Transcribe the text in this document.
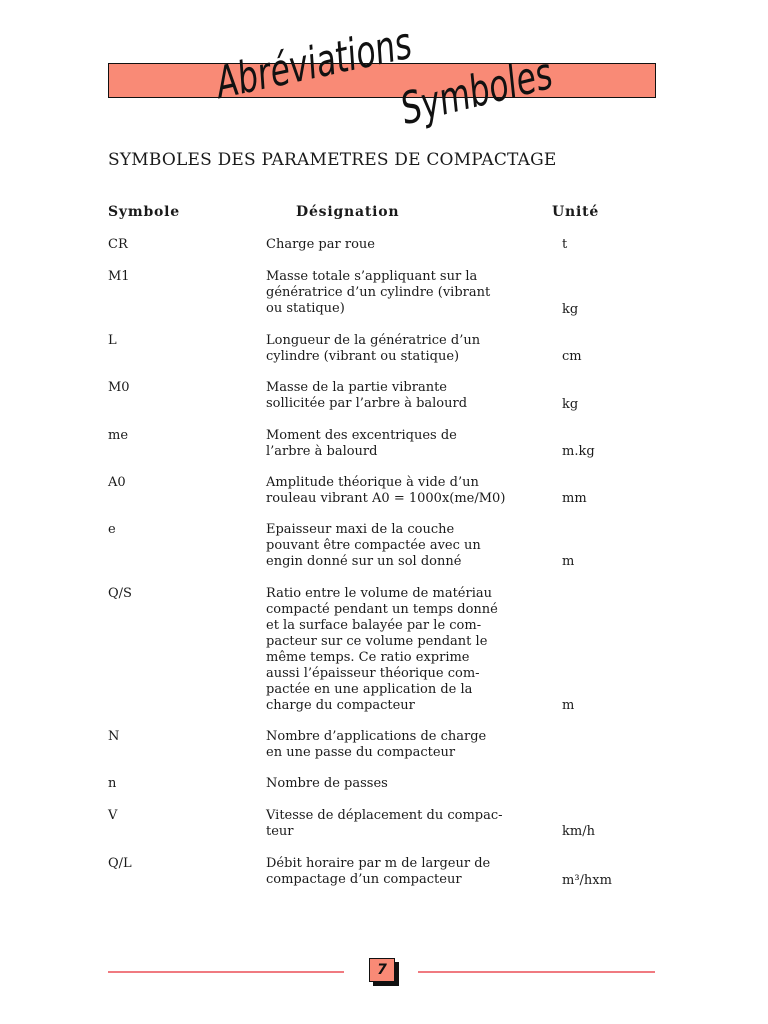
Abréviations
Symboles
SYMBOLES DES PARAMETRES DE COMPACTAGE
Symbole	Désignation	Unité
CR	Charge par roue	t
M1	Masse totale s’appliquant sur la
génératrice d’un cylindre (vibrant
ou statique)	kg
L	Longueur de la génératrice d’un
cylindre (vibrant ou statique)	cm
M0	Masse de la partie vibrante
sollicitée par l’arbre à balourd	kg
me	Moment des excentriques de
l’arbre à balourd	m.kg
A0	Amplitude théorique à vide d’un
rouleau vibrant A0 = 1000x(me/M0)	mm
e	Epaisseur maxi de la couche
pouvant être compactée avec un
engin donné sur un sol donné	m
Q/S	Ratio entre le volume de matériau
compacté pendant un temps donné
et la surface balayée par le com-
pacteur sur ce volume pendant le
même temps. Ce ratio exprime
aussi l’épaisseur théorique com-
pactée en une application de la
charge du compacteur	m
N	Nombre d’applications de charge
en une passe du compacteur
n	Nombre de passes
V	Vitesse de déplacement du compac-
teur	km/h
Q/L	Débit horaire par m de largeur de
compactage d’un compacteur	m³/hxm
7
